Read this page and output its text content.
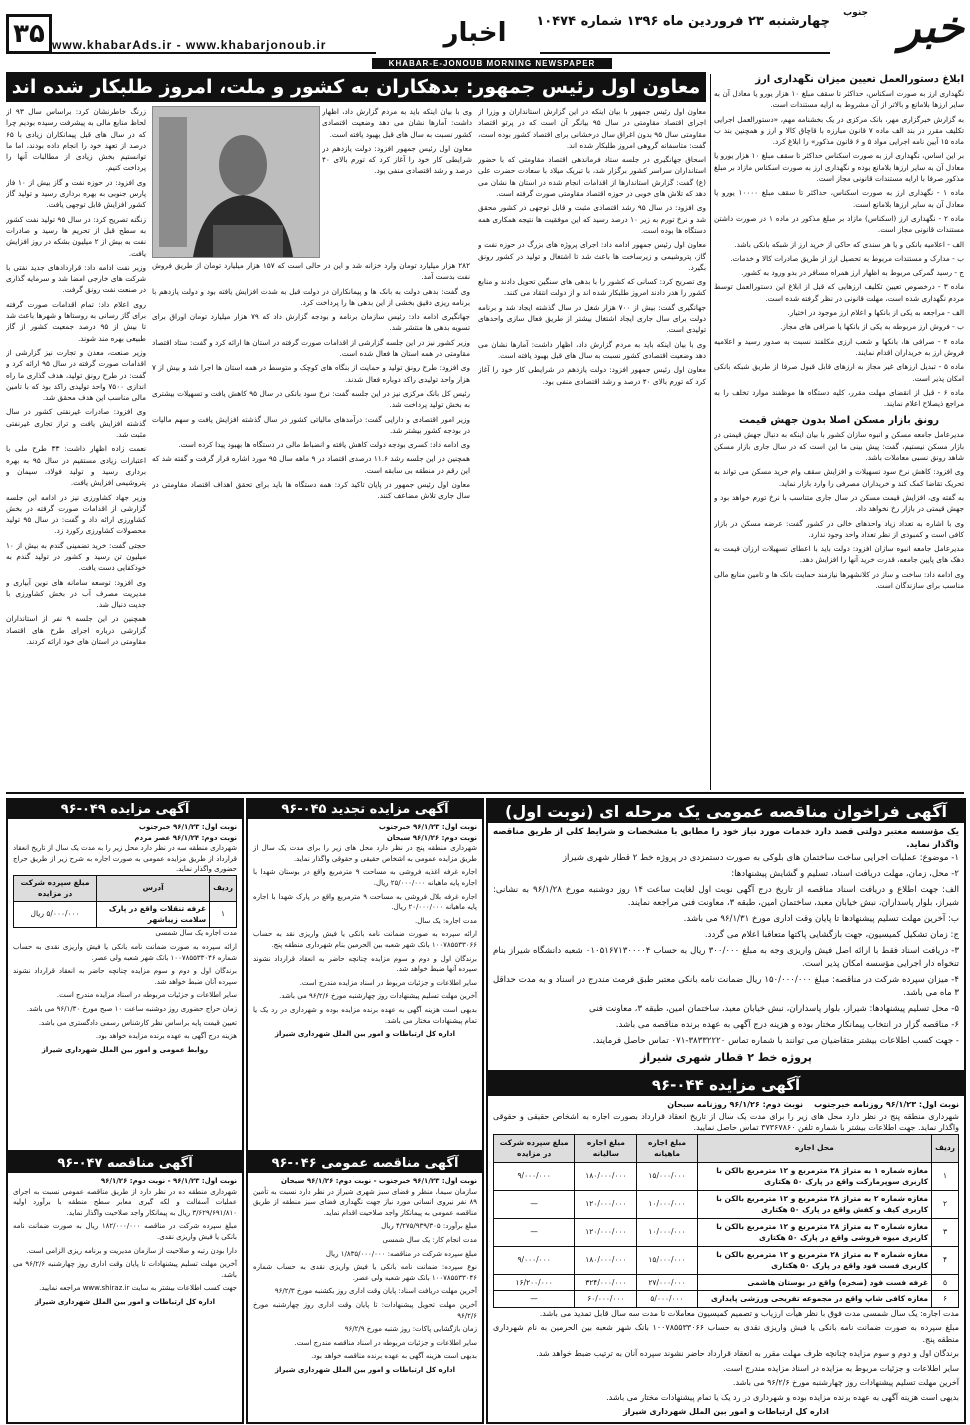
۳۵ www.khabarAds.ir - www.khabarjonoub.ir	اخبار
KHABAR-E-JONOUB MORNING NEWSPAPER
چهارشنبه ۲۳ فروردین ماه ۱۳۹۶ شماره ۱۰۴۷۴ خبر
جنوب
ابلاغ دستورالعمل تعیین میزان نگهداری ارز
نگهداری ارز به صورت اسکناس، حداکثر تا سقف مبلغ ۱۰ هزار یورو یا معادل آن به سایر ارزها بلامانع و بالاتر از آن مشروط به ارایه مستندات است.
به گزارش خبرگزاری مهر، بانک مرکزی در یک بخشنامه مهم، «دستورالعمل اجرایی تکلیف مقرر در بند الف ماده ۷ قانون مبارزه با قاچاق کالا و ارز و همچنین بند ب ماده ۱۵ آیین نامه اجرایی مواد ۵ و ۶ قانون مذکور» را ابلاغ کرد.
بر این اساس، نگهداری ارز به صورت اسکناس حداکثر تا سقف مبلغ ۱۰ هزار یورو یا معادل آن به سایر ارزها بلامانع بوده و نگهداری ارز به صورت اسکناس مازاد بر مبلغ مذکور صرفا با ارایه مستندات قانونی مجاز است.
ماده ۱ - نگهداری ارز به صورت اسکناس، حداکثر تا سقف مبلغ ۱۰۰۰۰ یورو یا معادل آن به سایر ارزها بلامانع است.
ماده ۲ - نگهداری ارز (اسکناس) مازاد بر مبلغ مذکور در ماده ۱ در صورت داشتن مستندات قانونی مجاز است.
الف - اعلامیه بانکی و یا هر سندی که حاکی از خرید ارز از شبکه بانکی باشد.
ب - مدارک و مستندات مربوط به تحصیل ارز از طریق صادرات کالا و خدمات.
ج - رسید گمرکی مربوط به اظهار ارز همراه مسافر در بدو ورود به کشور.
ماده ۳ - درخصوص تعیین تکلیف ارزهایی که قبل از ابلاغ این دستورالعمل توسط مردم نگهداری شده است، مهلت قانونی در نظر گرفته شده است.
الف - مراجعه به یکی از بانکها و اعلام ارز موجود در اختیار.
ب - فروش ارز مربوطه به یکی از بانکها یا صرافی های مجاز.
ماده ۴ - صرافی ها، بانکها و شعب ارزی مکلفند نسبت به صدور رسید و اعلامیه فروش ارز به خریداران اقدام نمایند.
ماده ۵ - تبدیل ارزهای غیر مجاز به ارزهای قابل قبول صرفا از طریق شبکه بانکی امکان پذیر است.
ماده ۶ - قبل از انقضای مهلت مقرر، کلیه دستگاه ها موظفند موارد تخلف را به مراجع ذیصلاح اعلام نمایند.
رونق بازار مسکن اصلا بدون جهش قیمت
مدیرعامل جامعه مسکن و انبوه سازان کشور با بیان اینکه به دنبال جهش قیمتی در بازار مسکن نیستیم، گفت: پیش بینی ما این است که در سال جاری بازار مسکن شاهد رونق نسبی معاملات باشد.
وی افزود: کاهش نرخ سود تسهیلات و افزایش سقف وام خرید مسکن می تواند به تحریک تقاضا کمک کند و خریداران مصرفی را وارد بازار نماید.
به گفته وی، افزایش قیمت مسکن در سال جاری متناسب با نرخ تورم خواهد بود و جهش قیمتی در بازار رخ نخواهد داد.
وی با اشاره به تعداد زیاد واحدهای خالی در کشور گفت: عرضه مسکن در بازار کافی است و کمبودی از نظر تعداد واحد وجود ندارد.
مدیرعامل جامعه انبوه سازان افزود: دولت باید با اعطای تسهیلات ارزان قیمت به دهک های پایین جامعه، قدرت خرید آنها را افزایش دهد.
وی ادامه داد: ساخت و ساز در کلانشهرها نیازمند حمایت بانک ها و تامین منابع مالی مناسب برای سازندگان است.
معاون اول رئیس جمهور: بدهکاران به کشور و ملت، امروز طلبکار شده اند
معاون اول رئیس جمهور با بیان اینکه در این گزارش استانداران و وزرا از اجرای اقتصاد مقاومتی در سال ۹۵ بیانگر آن است که در پرتو اقتصاد مقاومتی سال ۹۵ بدون اغراق سال درخشانی برای اقتصاد کشور بوده است، گفت: متاسفانه گروهی امروز طلبکار شده اند.
اسحاق جهانگیری در جلسه ستاد فرماندهی اقتصاد مقاومتی که با حضور استانداران سراسر کشور برگزار شد، با تبریک میلاد با سعادت حضرت علی (ع) گفت: گزارش استاندارها از اقدامات انجام شده در استان ها نشان می دهد که تلاش های خوبی در حوزه اقتصاد مقاومتی صورت گرفته است.
وی افزود: در سال ۹۵ رشد اقتصادی مثبت و قابل توجهی در کشور محقق شد و نرخ تورم به زیر ۱۰ درصد رسید که این موفقیت ها نتیجه همکاری همه دستگاه ها بوده است.
معاون اول رئیس جمهور ادامه داد: اجرای پروژه های بزرگ در حوزه نفت و گاز، پتروشیمی و زیرساخت ها باعث شد تا اشتغال و تولید در کشور رونق بگیرد.
وی تصریح کرد: کسانی که کشور را با بدهی های سنگین تحویل دادند و منابع کشور را هدر دادند امروز طلبکار شده اند و از دولت انتقاد می کنند.
جهانگیری گفت: بیش از ۷۰۰ هزار شغل در سال گذشته ایجاد شد و برنامه دولت برای سال جاری ایجاد اشتغال بیشتر از طریق فعال سازی واحدهای تولیدی است.
وی با بیان اینکه باید به مردم گزارش داد، اظهار داشت: آمارها نشان می دهد وضعیت اقتصادی کشور نسبت به سال های قبل بهبود یافته است.
معاون اول رئیس جمهور افزود: دولت یازدهم در شرایطی کار خود را آغاز کرد که تورم بالای ۴۰ درصد و رشد اقتصادی منفی بود.
۲۸۲ هزار میلیارد تومان وارد خزانه شد و این در حالی است که ۱۵۷ هزار میلیارد تومان از طریق فروش نفت بدست آمد.
وی گفت: بدهی دولت به بانک ها و پیمانکاران در دولت قبل به شدت افزایش یافته بود و دولت یازدهم با برنامه ریزی دقیق بخشی از این بدهی ها را پرداخت کرد.
جهانگیری ادامه داد: رئیس سازمان برنامه و بودجه گزارش داد که ۷۹ هزار میلیارد تومان اوراق برای تسویه بدهی ها منتشر شد.
وزیر کشور نیز در این جلسه گزارشی از اقدامات صورت گرفته در استان ها ارائه کرد و گفت: ستاد اقتصاد مقاومتی در همه استان ها فعال شده است.
وی افزود: طرح رونق تولید و حمایت از بنگاه های کوچک و متوسط در همه استان ها اجرا شد و بیش از ۷ هزار واحد تولیدی راکد دوباره فعال شدند.
رئیس کل بانک مرکزی نیز در این جلسه گفت: نرخ سود بانکی در سال ۹۵ کاهش یافت و تسهیلات بیشتری به بخش تولید پرداخت شد.
وزیر امور اقتصادی و دارایی گفت: درآمدهای مالیاتی کشور در سال گذشته افزایش یافت و سهم مالیات در بودجه کشور بیشتر شد.
وی ادامه داد: کسری بودجه دولت کاهش یافته و انضباط مالی در دستگاه ها بهبود پیدا کرده است.
همچنین در این جلسه رشد ۱۱.۶ درصدی اقتصاد در ۹ ماهه سال ۹۵ مورد اشاره قرار گرفت و گفته شد که این رقم در منطقه بی سابقه است.
معاون اول رئیس جمهور در پایان تاکید کرد: همه دستگاه ها باید برای تحقق اهداف اقتصاد مقاومتی در سال جاری تلاش مضاعف کنند.
وی با بیان اینکه باید به مردم گزارش داد، اظهار داشت: آمارها نشان می دهد وضعیت اقتصادی کشور نسبت به سال های قبل بهبود یافته است.
معاون اول رئیس جمهور افزود: دولت یازدهم در شرایطی کار خود را آغاز کرد که تورم بالای ۴۰ درصد و رشد اقتصادی منفی بود.
زرنگ خاطرنشان کرد: براساس سال ۹۳ از لحاظ منابع مالی به پیشرفت رسیده بودیم چرا که در سال های قبل پیمانکاران زیادی با ۶۵ درصد از تعهد خود را انجام داده بودند، اما ما توانستیم بخش زیادی از مطالبات آنها را پرداخت کنیم.
وی افزود: در حوزه نفت و گاز بیش از ۱۰ فاز پارس جنوبی به بهره برداری رسید و تولید گاز کشور افزایش قابل توجهی یافت.
زنگنه تصریح کرد: در سال ۹۵ تولید نفت کشور به سطح قبل از تحریم ها رسید و صادرات نفت به بیش از ۲ میلیون بشکه در روز افزایش یافت.
وزیر نفت ادامه داد: قراردادهای جدید نفتی با شرکت های خارجی امضا شد و سرمایه گذاری در صنعت نفت رونق گرفت.
روی اعلام داد: تمام اقدامات صورت گرفته برای گاز رسانی به روستاها و شهرها باعث شد تا بیش از ۹۵ درصد جمعیت کشور از گاز طبیعی بهره مند شوند.
وزیر صنعت، معدن و تجارت نیز گزارشی از اقدامات صورت گرفته در سال ۹۵ ارائه کرد و گفت: در طرح رونق تولید، هدف گذاری ما راه اندازی ۷۵۰۰ واحد تولیدی راکد بود که با تامین مالی مناسب این هدف محقق شد.
وی افزود: صادرات غیرنفتی کشور در سال گذشته افزایش یافت و تراز تجاری غیرنفتی مثبت شد.
نعمت زاده اظهار داشت: ۳۳ طرح ملی با اعتبارات زیادی مستقیم در سال ۹۵ به بهره برداری رسید و تولید فولاد، سیمان و پتروشیمی افزایش یافت.
وزیر جهاد کشاورزی نیز در ادامه این جلسه گزارشی از اقدامات صورت گرفته در بخش کشاورزی ارائه داد و گفت: در سال ۹۵ تولید محصولات کشاورزی رکورد زد.
حجتی گفت: خرید تضمینی گندم به بیش از ۱۰ میلیون تن رسید و کشور در تولید گندم به خودکفایی دست یافت.
وی افزود: توسعه سامانه های نوین آبیاری و مدیریت مصرف آب در بخش کشاورزی با جدیت دنبال شد.
همچنین در این جلسه ۹ نفر از استانداران گزارشی درباره اجرای طرح های اقتصاد مقاومتی در استان های خود ارائه کردند.
آگهی فراخوان مناقصه عمومی یک مرحله ای (نوبت اول)
یک مؤسسه معتبر دولتی قصد دارد خدمات مورد نیاز خود را مطابق با مشخصات و شرایط کلی از طریق مناقصه واگذار نماید.
۱- موضوع: عملیات اجرایی ساخت ساختمان های بلوکی به صورت دستمزدی در پروژه خط ۲ قطار شهری شیراز
۲- محل، زمان، مهلت دریافت اسناد، تسلیم و گشایش پیشنهادها:
الف: جهت اطلاع و دریافت اسناد مناقصه از تاریخ درج آگهی نوبت اول لغایت ساعت ۱۴ روز دوشنبه مورخ ۹۶/۱/۲۸ به نشانی: شیراز، بلوار پاسداران، نبش خیابان معبد، ساختمان امین، طبقه ۳، معاونت فنی مراجعه نمایند.
ب: آخرین مهلت تسلیم پیشنهادها تا پایان وقت اداری مورخ ۹۶/۱/۳۱ می باشد.
ج: زمان تشکیل کمیسیون، جهت بازگشایی پاکتها متعاقبا اعلام می گردد.
۳- دریافت اسناد فقط با ارائه اصل فیش واریزی وجه به مبلغ ۳۰۰/۰۰۰ ریال به حساب ۰۱۰۵۱۶۷۱۳۰۰۰۰۴ شعبه دانشگاه شیراز بنام تنخواه دار اجرایی مؤسسه امکان پذیر است.
۴- میزان سپرده شرکت در مناقصه: مبلغ ۱۵۰/۰۰۰/۰۰۰ ریال ضمانت نامه بانکی معتبر طبق فرمت مندرج در اسناد و به مدت حداقل ۳ ماه می باشد.
۵- محل تسلیم پیشنهادها: شیراز، بلوار پاسداران، نبش خیابان معبد، ساختمان امین، طبقه ۳، معاونت فنی
۶- مناقصه گزار در انتخاب پیمانکار مختار بوده و هزینه درج آگهی به عهده برنده مناقصه می باشد.
- جهت کسب اطلاعات بیشتر متقاضیان می توانند با شماره تماس ۳۸۳۳۲۲۲۰-۰۷۱ تماس حاصل فرمایند.
پروژه خط ۲ قطار شهری شیراز
آگهی مزایده ۰۴۴-۹۶
نوبت اول: ۹۶/۱/۲۳ روزنامه خبرجنوب    نوبت دوم: ۹۶/۱/۲۶ روزنامه سبحان
شهرداری منطقه پنج در نظر دارد محل های زیر را برای مدت یک سال از تاریخ انعقاد قرارداد بصورت اجاره به اشخاص حقیقی و حقوقی واگذار نماید. جهت اطلاعات بیشتر با شماره تلفن ۳۷۳۶۷۸۶۰ تماس حاصل نمایید.
ردیف	محل اجاره	مبلغ اجاره ماهیانه	مبلغ اجاره سالیانه	مبلغ سپرده شرکت در مزایده
۱	مغازه شماره ۱ به متراژ ۲۸ مترمربع و ۱۲ مترمربع بالکن با کاربری سوپرمارکت واقع در پارک ۵۰ هکتاری	۱۵/۰۰۰/۰۰۰	۱۸۰/۰۰۰/۰۰۰	۹/۰۰۰/۰۰۰
۲	مغازه شماره ۲ به متراژ ۲۸ مترمربع و ۱۲ مترمربع بالکن با کاربری کیف و کفش واقع در پارک ۵۰ هکتاری	۱۰/۰۰۰/۰۰۰	۱۲۰/۰۰۰/۰۰۰	—
۳	مغازه شماره ۳ به متراژ ۲۸ مترمربع و ۱۲ مترمربع بالکن با کاربری میوه فروشی واقع در پارک ۵۰ هکتاری	۱۰/۰۰۰/۰۰۰	۱۲۰/۰۰۰/۰۰۰	—
۴	مغازه شماره ۴ به متراژ ۲۸ مترمربع و ۱۲ مترمربع بالکن با کاربری فست فود واقع در پارک ۵۰ هکتاری	۱۵/۰۰۰/۰۰۰	۱۸۰/۰۰۰/۰۰۰	۹/۰۰۰/۰۰۰
۵	غرفه فست فود (صخره) واقع در بوستان هاشمی	۲۷/۰۰۰/۰۰۰	۳۲۴/۰۰۰/۰۰۰	۱۶/۲۰۰/۰۰۰
۶	مغازه کافی شاپ واقع در مجموعه تفریحی ورزشی پایداری	۵/۰۰۰/۰۰۰	۶۰/۰۰۰/۰۰۰	—
مدت اجاره: یک سال شمسی مدت فوق با نظر هیأت ارزیاب و تصمیم کمیسیون معاملات تا مدت سه سال قابل تمدید می باشد.
مبلغ سپرده به صورت ضمانت نامه بانکی یا فیش واریزی نقدی به حساب ۱۰۰۷۸۵۵۳۳۰۶۶ بانک شهر شعبه بین الحرمین به نام شهرداری منطقه پنج.
برندگان اول و دوم و سوم مزایده چنانچه ظرف مهلت مقرر به انعقاد قرارداد حاضر نشوند سپرده آنان به ترتیب ضبط خواهد شد.
سایر اطلاعات و جزئیات مربوط به مزایده در اسناد مزایده مندرج است.
آخرین مهلت تسلیم پیشنهادات روز چهارشنبه مورخ ۹۶/۲/۶ می باشد.
بدیهی است هزینه آگهی به عهده برنده مزایده بوده و شهرداری در رد یک یا تمام پیشنهادات مختار می باشد.
اداره کل ارتباطات و امور بین الملل شهرداری شیراز
آگهی مزایده تجدید ۰۴۵-۹۶
نوبت اول: ۹۶/۱/۲۳ خبرجنوب
نوبت دوم: ۹۶/۱/۲۶ سبحان
شهرداری منطقه پنج در نظر دارد محل های زیر را برای مدت یک سال از طریق مزایده عمومی به اشخاص حقیقی و حقوقی واگذار نماید.
اجاره غرفه اغذیه فروشی به مساحت ۹ مترمربع واقع در بوستان شهدا با اجاره پایه ماهیانه ۲۵/۰۰۰/۰۰۰ ریال.
اجاره غرفه بلال فروشی به مساحت ۹ مترمربع واقع در پارک شهدا با اجاره پایه ماهیانه ۲۰/۰۰۰/۰۰۰ ریال.
مدت اجاره: یک سال.
ارائه سپرده به صورت ضمانت نامه بانکی یا فیش واریزی نقد به حساب ۱۰۰۷۸۵۵۳۳۰۶۶ بانک شهر شعبه بین الحرمین بنام شهرداری منطقه پنج.
برندگان اول و دوم و سوم مزایده چنانچه حاضر به انعقاد قرارداد نشوند سپرده آنها ضبط خواهد شد.
سایر اطلاعات و جزئیات مربوط در اسناد مزایده مندرج است.
آخرین مهلت تسلیم پیشنهادات روز چهارشنبه مورخ ۹۶/۲/۶ می باشد.
بدیهی است هزینه آگهی به عهده برنده مزایده بوده و شهرداری در رد یک یا تمام پیشنهادات مختار می باشد.
اداره کل ارتباطات و امور بین الملل شهرداری شیراز
آگهی مزایده ۰۴۹-۹۶
نوبت اول: ۹۶/۱/۲۳ خبرجنوب
نوبت دوم: ۹۶/۱/۲۴ عصر مردم
شهرداری منطقه سه در نظر دارد محل زیر را به مدت یک سال از تاریخ انعقاد قرارداد از طریق مزایده عمومی به صورت اجاره به شرح زیر از طریق حراج حضوری واگذار نماید.
ردیف	آدرس	مبلغ سپرده شرکت در مزایده
۱	غرفه تنقلات واقع در پارک سلامت زیباشهر	۵/۰۰۰/۰۰۰ ریال
مدت اجاره یک سال شمسی
ارائه سپرده به صورت ضمانت نامه بانکی یا فیش واریزی نقدی به حساب شماره ۱۰۰۷۸۵۵۳۳۰۴۶ بانک شهر شعبه ولی عصر.
برندگان اول و دوم و سوم مزایده چنانچه حاضر به انعقاد قرارداد نشوند سپرده آنان ضبط خواهد شد.
سایر اطلاعات و جزئیات مربوطه در اسناد مزایده مندرج است.
زمان حراج حضوری روز دوشنبه ساعت ۱۰ صبح مورخ ۹۶/۱/۳۰ می باشد.
تعیین قیمت پایه براساس نظر کارشناس رسمی دادگستری می باشد.
هزینه درج آگهی به عهده برنده مزایده خواهد بود.
روابط عمومی و امور بین الملل شهرداری شیراز
آگهی مناقصه ۰۴۷-۹۶
نوبت اول: ۹۶/۱/۲۳ - نوبت دوم: ۹۶/۱/۲۶
شهرداری منطقه ده در نظر دارد از طریق مناقصه عمومی نسبت به اجرای عملیات آسفالت و لکه گیری معابر سطح منطقه با برآورد اولیه ۳/۶۲۹/۶۹۱/۸۱۰ ریال به پیمانکار واجد صلاحیت واگذار نماید.
مبلغ سپرده شرکت در مناقصه ۱۸۲/۰۰۰/۰۰۰ ریال به صورت ضمانت نامه بانکی یا فیش واریزی نقدی.
دارا بودن رتبه و صلاحیت از سازمان مدیریت و برنامه ریزی الزامی است.
آخرین مهلت تسلیم پیشنهادات تا پایان وقت اداری روز چهارشنبه ۹۶/۲/۶ می باشد.
جهت کسب اطلاعات بیشتر به سایت www.shiraz.ir مراجعه نمایید.
اداره کل ارتباطات و امور بین الملل شهرداری شیراز
آگهی مناقصه عمومی ۰۴۶-۹۶
نوبت اول: ۹۶/۱/۲۳ خبرجنوب - نوبت دوم: ۹۶/۱/۲۶ سبحان
سازمان سیما، منظر و فضای سبز شهری شیراز در نظر دارد نسبت به تأمین ۸۹ نفر نیروی انسانی مورد نیاز جهت نگهداری فضای سبز منطقه از طریق مناقصه عمومی به پیمانکار واجد صلاحیت اقدام نماید.
مبلغ برآورد: ۴/۲۷۵/۹۳۹/۳۰۵ ریال
مدت انجام کار: یک سال شمسی
مبلغ سپرده شرکت در مناقصه: ۱/۸۳۵/۰۰۰/۰۰۰ ریال
نوع سپرده: ضمانت نامه بانکی یا فیش واریزی نقدی به حساب شماره ۱۰۰۷۸۵۵۳۳۰۴۶ بانک شهر شعبه ولی عصر.
آخرین مهلت دریافت اسناد: پایان وقت اداری روز یکشنبه مورخ ۹۶/۲/۳
آخرین مهلت تحویل پیشنهادات: تا پایان وقت اداری روز چهارشنبه مورخ ۹۶/۲/۶
زمان بازگشایی پاکات: روز شنبه مورخ ۹۶/۲/۹
سایر اطلاعات و جزئیات مربوطه در اسناد مناقصه مندرج است.
بدیهی است هزینه آگهی به عهده برنده مناقصه خواهد بود.
اداره کل ارتباطات و امور بین الملل شهرداری شیراز
